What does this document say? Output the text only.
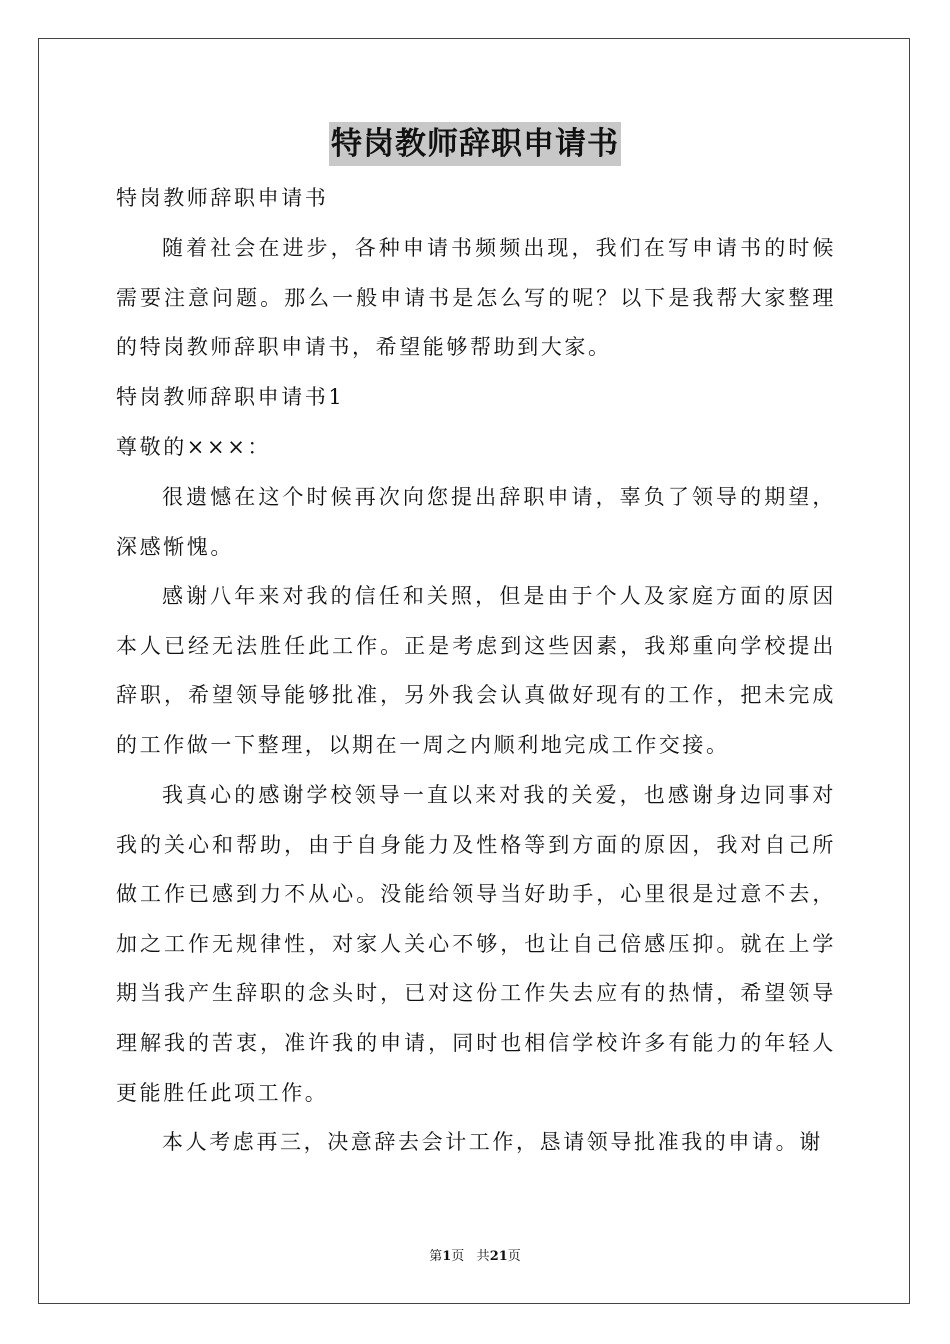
特岗教师辞职申请书

特岗教师辞职申请书

随着社会在进步，各种申请书频频出现，我们在写申请书的时候需要注意问题。那么一般申请书是怎么写的呢？以下是我帮大家整理的特岗教师辞职申请书，希望能够帮助到大家。

特岗教师辞职申请书1

尊敬的×××：

很遗憾在这个时候再次向您提出辞职申请，辜负了领导的期望，深感惭愧。

感谢八年来对我的信任和关照，但是由于个人及家庭方面的原因本人已经无法胜任此工作。正是考虑到这些因素，我郑重向学校提出辞职，希望领导能够批准，另外我会认真做好现有的工作，把未完成的工作做一下整理，以期在一周之内顺利地完成工作交接。

我真心的感谢学校领导一直以来对我的关爱，也感谢身边同事对我的关心和帮助，由于自身能力及性格等到方面的原因，我对自己所做工作已感到力不从心。没能给领导当好助手，心里很是过意不去，加之工作无规律性，对家人关心不够，也让自己倍感压抑。就在上学期当我产生辞职的念头时，已对这份工作失去应有的热情，希望领导理解我的苦衷，准许我的申请，同时也相信学校许多有能力的年轻人更能胜任此项工作。

本人考虑再三，决意辞去会计工作，恳请领导批准我的申请。谢

第1页 共21页
